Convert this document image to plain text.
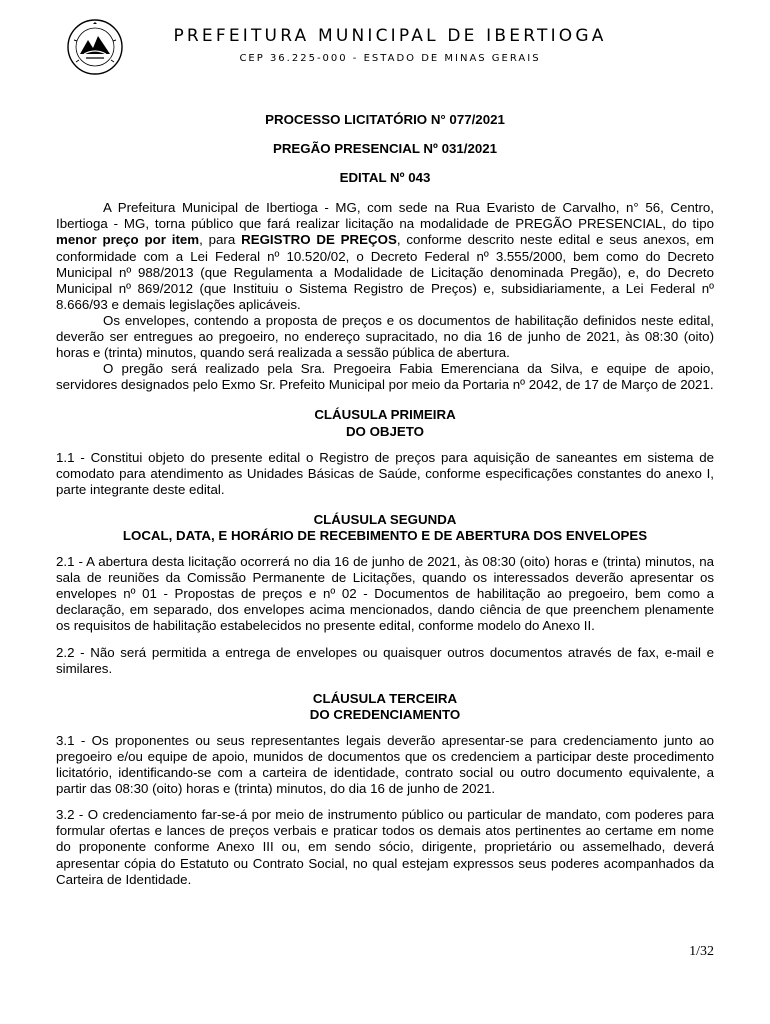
PREFEITURA MUNICIPAL DE IBERTIOGA
CEP 36.225-000 - ESTADO DE MINAS GERAIS
PROCESSO LICITATÓRIO N° 077/2021
PREGÃO PRESENCIAL Nº 031/2021
EDITAL Nº 043

A Prefeitura Municipal de Ibertioga - MG, com sede na Rua Evaristo de Carvalho, n° 56, Centro, Ibertioga - MG, torna público que fará realizar licitação na modalidade de PREGÃO PRESENCIAL, do tipo menor preço por item, para REGISTRO DE PREÇOS, conforme descrito neste edital e seus anexos, em conformidade com a Lei Federal nº 10.520/02, o Decreto Federal nº 3.555/2000, bem como do Decreto Municipal nº 988/2013 (que Regulamenta a Modalidade de Licitação denominada Pregão), e, do Decreto Municipal nº 869/2012 (que Instituiu o Sistema Registro de Preços) e, subsidiariamente, a Lei Federal nº 8.666/93 e demais legislações aplicáveis.

Os envelopes, contendo a proposta de preços e os documentos de habilitação definidos neste edital, deverão ser entregues ao pregoeiro, no endereço supracitado, no dia 16 de junho de 2021, às 08:30 (oito) horas e (trinta) minutos, quando será realizada a sessão pública de abertura.

O pregão será realizado pela Sra. Pregoeira Fabia Emerenciana da Silva, e equipe de apoio, servidores designados pelo Exmo Sr. Prefeito Municipal por meio da Portaria nº 2042, de 17 de Março de 2021.

CLÁUSULA PRIMEIRA
DO OBJETO

1.1 - Constitui objeto do presente edital o Registro de preços para aquisição de saneantes em sistema de comodato para atendimento as Unidades Básicas de Saúde, conforme especificações constantes do anexo I, parte integrante deste edital.

CLÁUSULA SEGUNDA
LOCAL, DATA, E HORÁRIO DE RECEBIMENTO E DE ABERTURA DOS ENVELOPES

2.1 - A abertura desta licitação ocorrerá no dia 16 de junho de 2021, às 08:30 (oito) horas e (trinta) minutos, na sala de reuniões da Comissão Permanente de Licitações, quando os interessados deverão apresentar os envelopes nº 01 - Propostas de preços e nº 02 - Documentos de habilitação ao pregoeiro, bem como a declaração, em separado, dos envelopes acima mencionados, dando ciência de que preenchem plenamente os requisitos de habilitação estabelecidos no presente edital, conforme modelo do Anexo II.

2.2 - Não será permitida a entrega de envelopes ou quaisquer outros documentos através de fax, e-mail e similares.

CLÁUSULA TERCEIRA
DO CREDENCIAMENTO

3.1 - Os proponentes ou seus representantes legais deverão apresentar-se para credenciamento junto ao pregoeiro e/ou equipe de apoio, munidos de documentos que os credenciem a participar deste procedimento licitatório, identificando-se com a carteira de identidade, contrato social ou outro documento equivalente, a partir das 08:30 (oito) horas e (trinta) minutos, do dia 16 de junho de 2021.

3.2 - O credenciamento far-se-á por meio de instrumento público ou particular de mandato, com poderes para formular ofertas e lances de preços verbais e praticar todos os demais atos pertinentes ao certame em nome do proponente conforme Anexo III ou, em sendo sócio, dirigente, proprietário ou assemelhado, deverá apresentar cópia do Estatuto ou Contrato Social, no qual estejam expressos seus poderes acompanhados da Carteira de Identidade.

1/32
